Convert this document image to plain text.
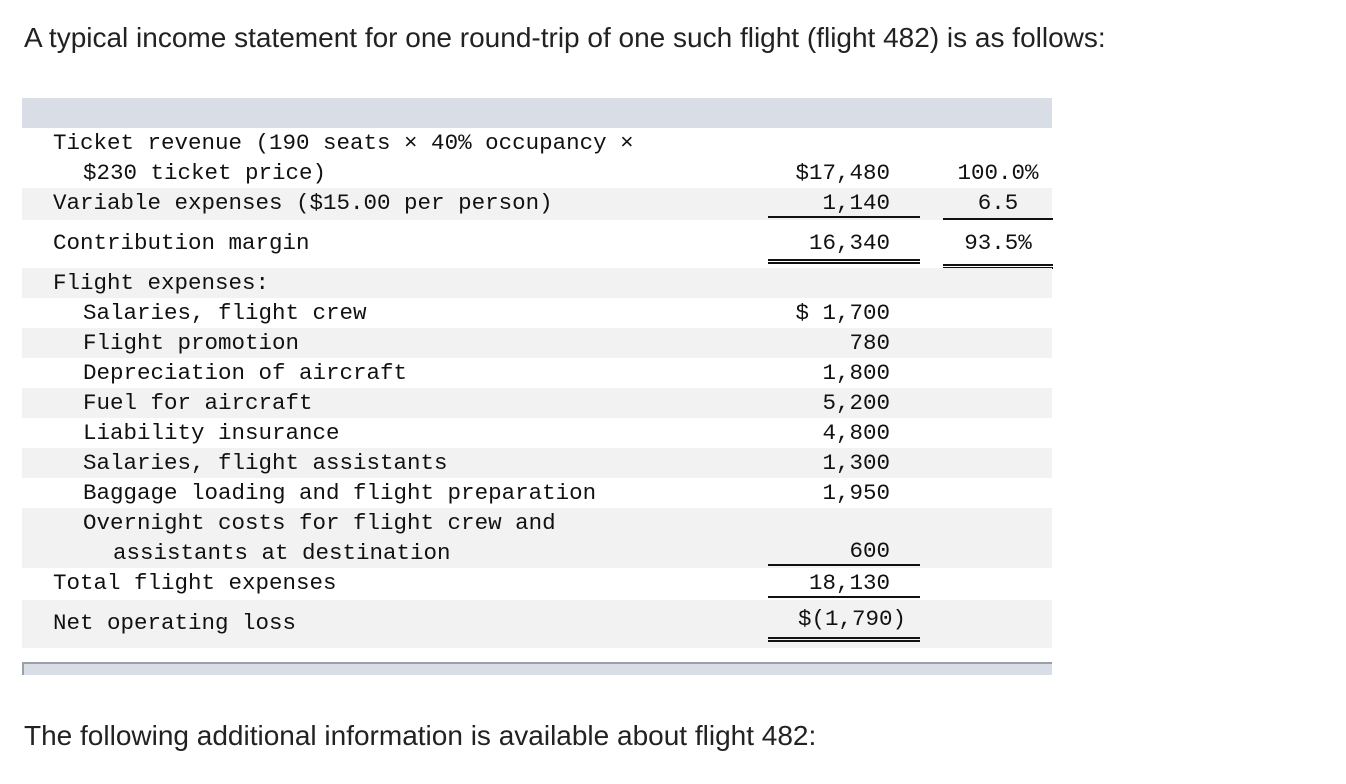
A typical income statement for one round-trip of one such flight (flight 482) is as follows:

Ticket revenue (190 seats × 40% occupancy ×
$230 ticket price)	$17,480	100.0%
Variable expenses ($15.00 per person)	1,140	6.5
Contribution margin	16,340	93.5%
Flight expenses:
Salaries, flight crew	$ 1,700
Flight promotion	780
Depreciation of aircraft	1,800
Fuel for aircraft	5,200
Liability insurance	4,800
Salaries, flight assistants	1,300
Baggage loading and flight preparation	1,950
Overnight costs for flight crew and
assistants at destination	600
Total flight expenses	18,130
Net operating loss	$(1,790)

The following additional information is available about flight 482:
